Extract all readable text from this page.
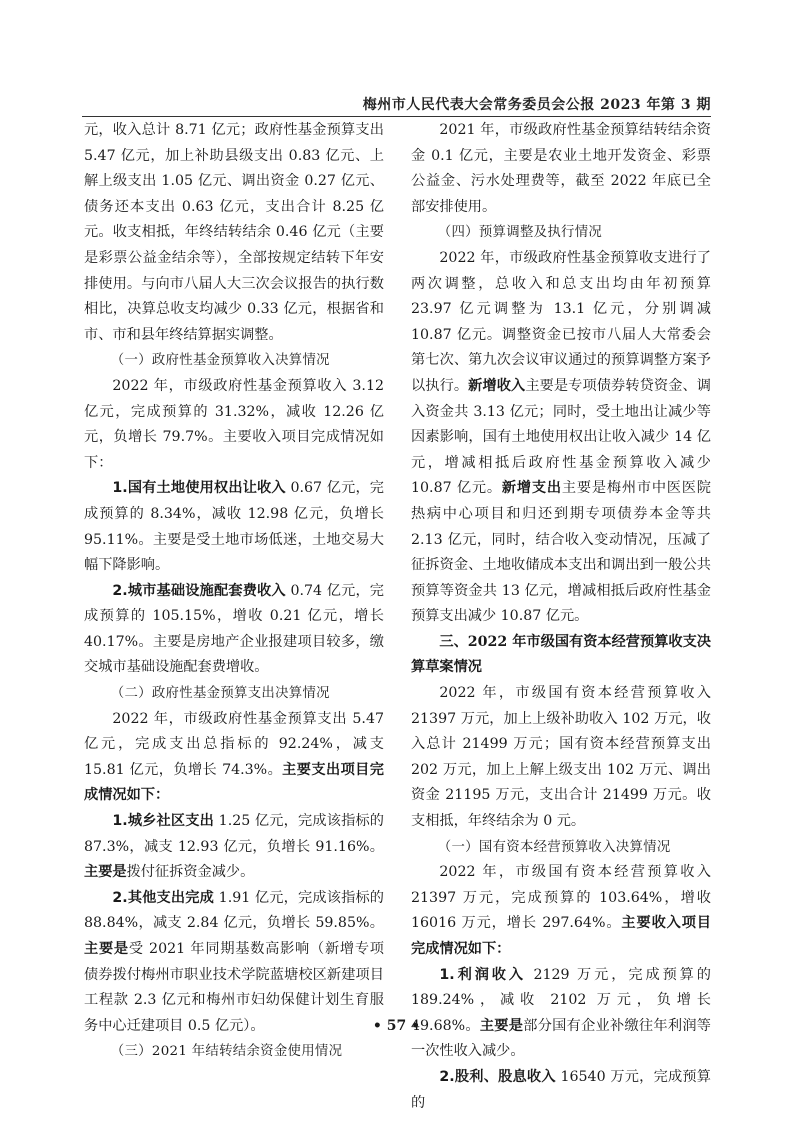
梅州市人民代表大会常务委员会公报 2023 年第 3 期

元，收入总计 8.71 亿元；政府性基金预算支出 5.47 亿元，加上补助县级支出 0.83 亿元、上解上级支出 1.05 亿元、调出资金 0.27 亿元、债务还本支出 0.63 亿元，支出合计 8.25 亿元。收支相抵，年终结转结余 0.46 亿元（主要是彩票公益金结余等），全部按规定结转下年安排使用。与向市八届人大三次会议报告的执行数相比，决算总收支均减少 0.33 亿元，根据省和市、市和县年终结算据实调整。

（一）政府性基金预算收入决算情况

2022 年，市级政府性基金预算收入 3.12 亿元，完成预算的 31.32%，减收 12.26 亿元，负增长 79.7%。主要收入项目完成情况如下：

1.国有土地使用权出让收入 0.67 亿元，完成预算的 8.34%，减收 12.98 亿元，负增长 95.11%。主要是受土地市场低迷，土地交易大幅下降影响。

2.城市基础设施配套费收入 0.74 亿元，完成预算的 105.15%，增收 0.21 亿元，增长 40.17%。主要是房地产企业报建项目较多，缴交城市基础设施配套费增收。

（二）政府性基金预算支出决算情况

2022 年，市级政府性基金预算支出 5.47 亿元，完成支出总指标的 92.24%，减支 15.81 亿元，负增长 74.3%。主要支出项目完成情况如下：

1.城乡社区支出 1.25 亿元，完成该指标的 87.3%，减支 12.93 亿元，负增长 91.16%。主要是拨付征拆资金减少。

2.其他支出完成 1.91 亿元，完成该指标的 88.84%，减支 2.84 亿元，负增长 59.85%。主要是受 2021 年同期基数高影响（新增专项债券拨付梅州市职业技术学院蓝塘校区新建项目工程款 2.3 亿元和梅州市妇幼保健计划生育服务中心迁建项目 0.5 亿元）。

（三）2021 年结转结余资金使用情况

2021 年，市级政府性基金预算结转结余资金 0.1 亿元，主要是农业土地开发资金、彩票公益金、污水处理费等，截至 2022 年底已全部安排使用。

（四）预算调整及执行情况

2022 年，市级政府性基金预算收支进行了两次调整，总收入和总支出均由年初预算 23.97 亿元调整为 13.1 亿元，分别调减 10.87 亿元。调整资金已按市八届人大常委会第七次、第九次会议审议通过的预算调整方案予以执行。新增收入主要是专项债券转贷资金、调入资金共 3.13 亿元；同时，受土地出让减少等因素影响，国有土地使用权出让收入减少 14 亿元，增减相抵后政府性基金预算收入减少 10.87 亿元。新增支出主要是梅州市中医医院热病中心项目和归还到期专项债券本金等共 2.13 亿元，同时，结合收入变动情况，压减了征拆资金、土地收储成本支出和调出到一般公共预算等资金共 13 亿元，增减相抵后政府性基金预算支出减少 10.87 亿元。

三、2022 年市级国有资本经营预算收支决算草案情况

2022 年，市级国有资本经营预算收入 21397 万元，加上上级补助收入 102 万元，收入总计 21499 万元；国有资本经营预算支出 202 万元，加上上解上级支出 102 万元、调出资金 21195 万元，支出合计 21499 万元。收支相抵，年终结余为 0 元。

（一）国有资本经营预算收入决算情况

2022 年，市级国有资本经营预算收入 21397 万元，完成预算的 103.64%，增收 16016 万元，增长 297.64%。主要收入项目完成情况如下：

1.利润收入 2129 万元，完成预算的 189.24%，减收 2102 万元，负增长 49.68%。主要是部分国有企业补缴往年利润等一次性收入减少。

2.股利、股息收入 16540 万元，完成预算的

• 57 •
